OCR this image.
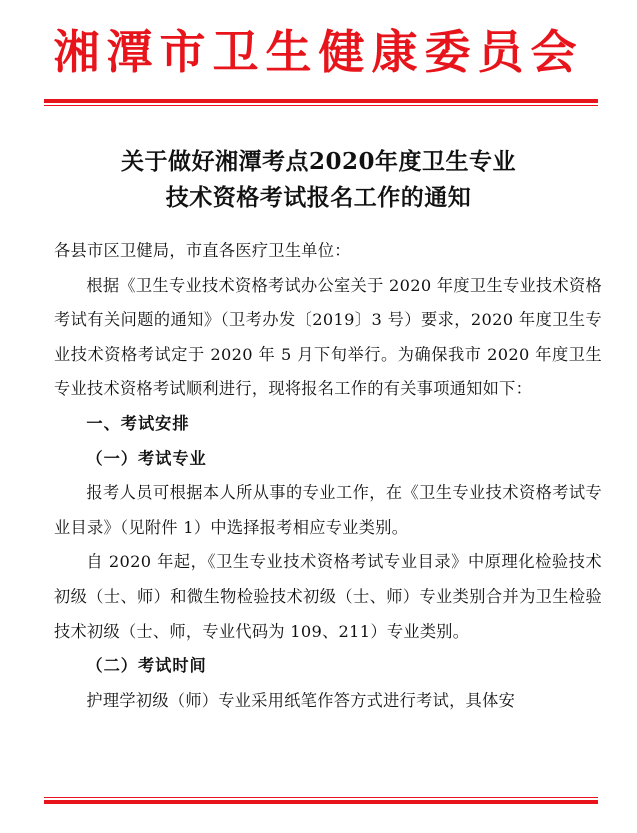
湘潭市卫生健康委员会
关于做好湘潭考点2020年度卫生专业
技术资格考试报名工作的通知

各县市区卫健局，市直各医疗卫生单位：

根据《卫生专业技术资格考试办公室关于 2020 年度卫生专业技术资格考试有关问题的通知》（卫考办发〔2019〕3 号）要求，2020 年度卫生专业技术资格考试定于 2020 年 5 月下旬举行。为确保我市 2020 年度卫生专业技术资格考试顺利进行，现将报名工作的有关事项通知如下：

一、考试安排

（一）考试专业

报考人员可根据本人所从事的专业工作，在《卫生专业技术资格考试专业目录》（见附件 1）中选择报考相应专业类别。

自 2020 年起，《卫生专业技术资格考试专业目录》中原理化检验技术初级（士、师）和微生物检验技术初级（士、师）专业类别合并为卫生检验技术初级（士、师，专业代码为 109、211）专业类别。

（二）考试时间

护理学初级（师）专业采用纸笔作答方式进行考试，具体安
